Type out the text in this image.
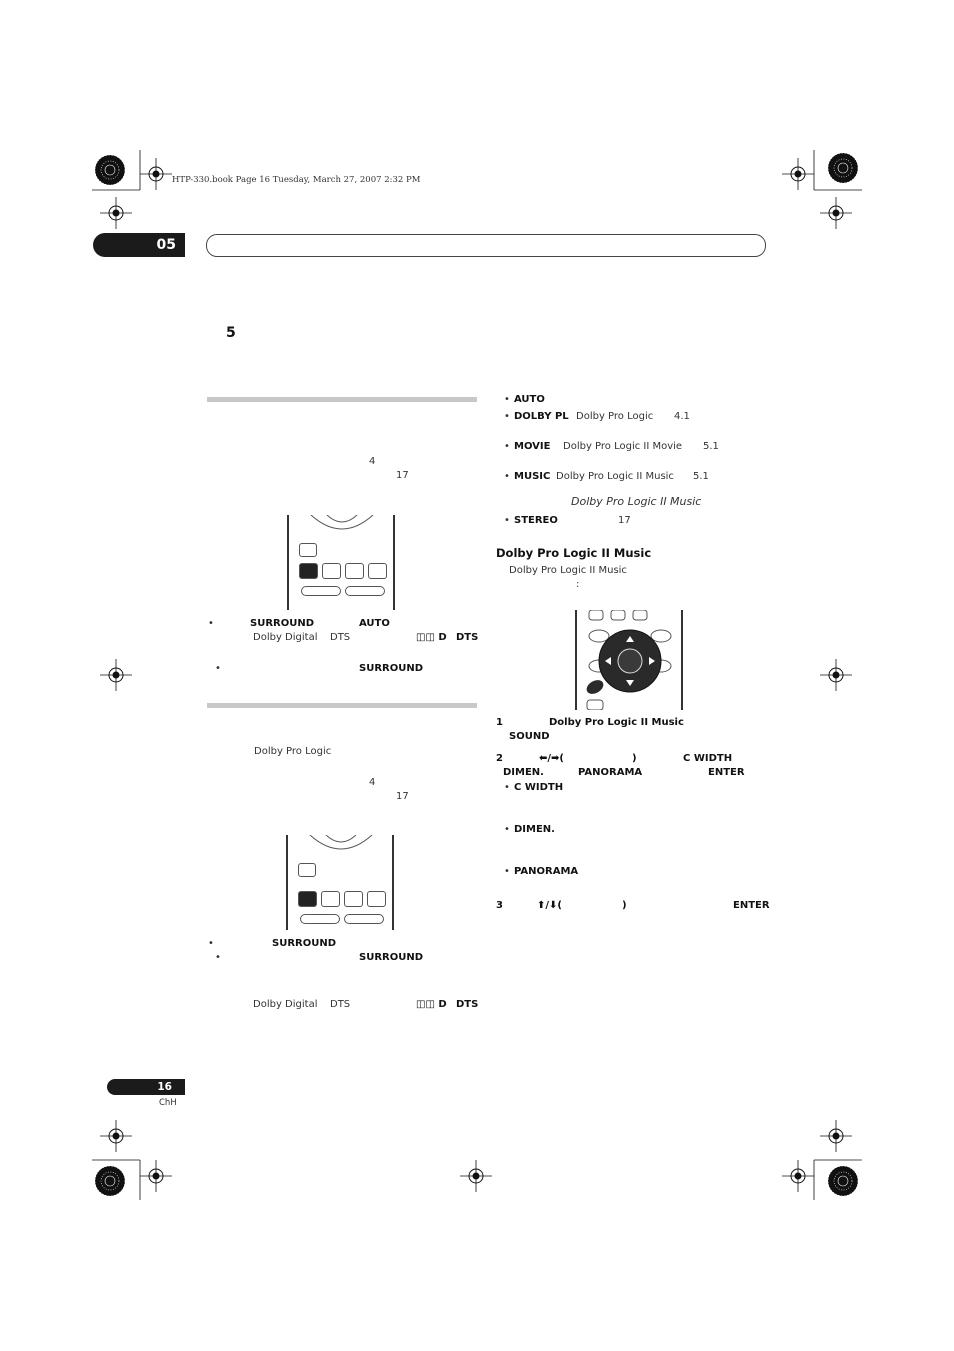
HTP-330.book Page 16 Tuesday, March 27, 2007 2:32 PM
05
5
4
17
•	SURROUND	AUTO
Dolby Digital DTS	◫◫ D DTS
•	SURROUND
Dolby Pro Logic
4
17
•	SURROUND
•	SURROUND
Dolby Digital DTS	◫◫ D DTS
• AUTO
• DOLBY PL Dolby Pro Logic 4.1
• MOVIE Dolby Pro Logic II Movie 5.1
• MUSIC Dolby Pro Logic II Music 5.1
Dolby Pro Logic II Music
• STEREO	17
Dolby Pro Logic II Music
Dolby Pro Logic II Music
:
1	Dolby Pro Logic II Music
SOUND
2	⬅/➡(	)	C WIDTH
DIMEN.	PANORAMA	ENTER
• C WIDTH
• DIMEN.
• PANORAMA
3	⬆/⬇(	)	ENTER
16
ChH
